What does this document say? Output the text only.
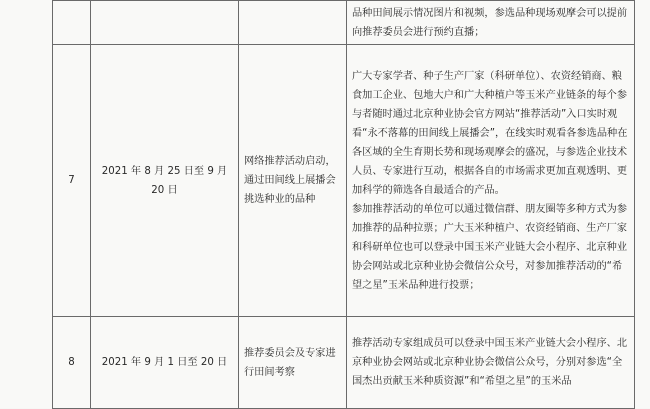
			品种田间展示情况图片和视频，参选品种现场观摩会可以提前向推荐委员会进行预约直播；

7	2021 年 8 月 25 日至 9 月 20 日	网络推荐活动启动，通过田间线上展播会挑选种业的品种	广大专家学者、种子生产厂家（科研单位）、农资经销商、粮食加工企业、包地大户和广大种植户等玉米产业链条的每个参与者随时通过北京种业协会官方网站“推荐活动”入口实时观看“永不落幕的田间线上展播会”，在线实时观看各参选品种在各区域的全生育期长势和现场观摩会的盛况，与参选企业技术人员、专家进行互动，根据各自的市场需求更加直观透明、更加科学的筛选各自最适合的产品。

参加推荐活动的单位可以通过微信群、朋友圈等多种方式为参加推荐的品种拉票；广大玉米种植户、农资经销商、生产厂家和科研单位也可以登录中国玉米产业链大会小程序、北京种业协会网站或北京种业协会微信公众号，对参加推荐活动的“希望之星”玉米品种进行投票；

8	2021 年 9 月 1 日至 20 日	推荐委员会及专家进行田间考察	推荐活动专家组成员可以登录中国玉米产业链大会小程序、北京种业协会网站或北京种业协会微信公众号，分别对参选“全国杰出贡献玉米种质资源”和“希望之星”的玉米品
